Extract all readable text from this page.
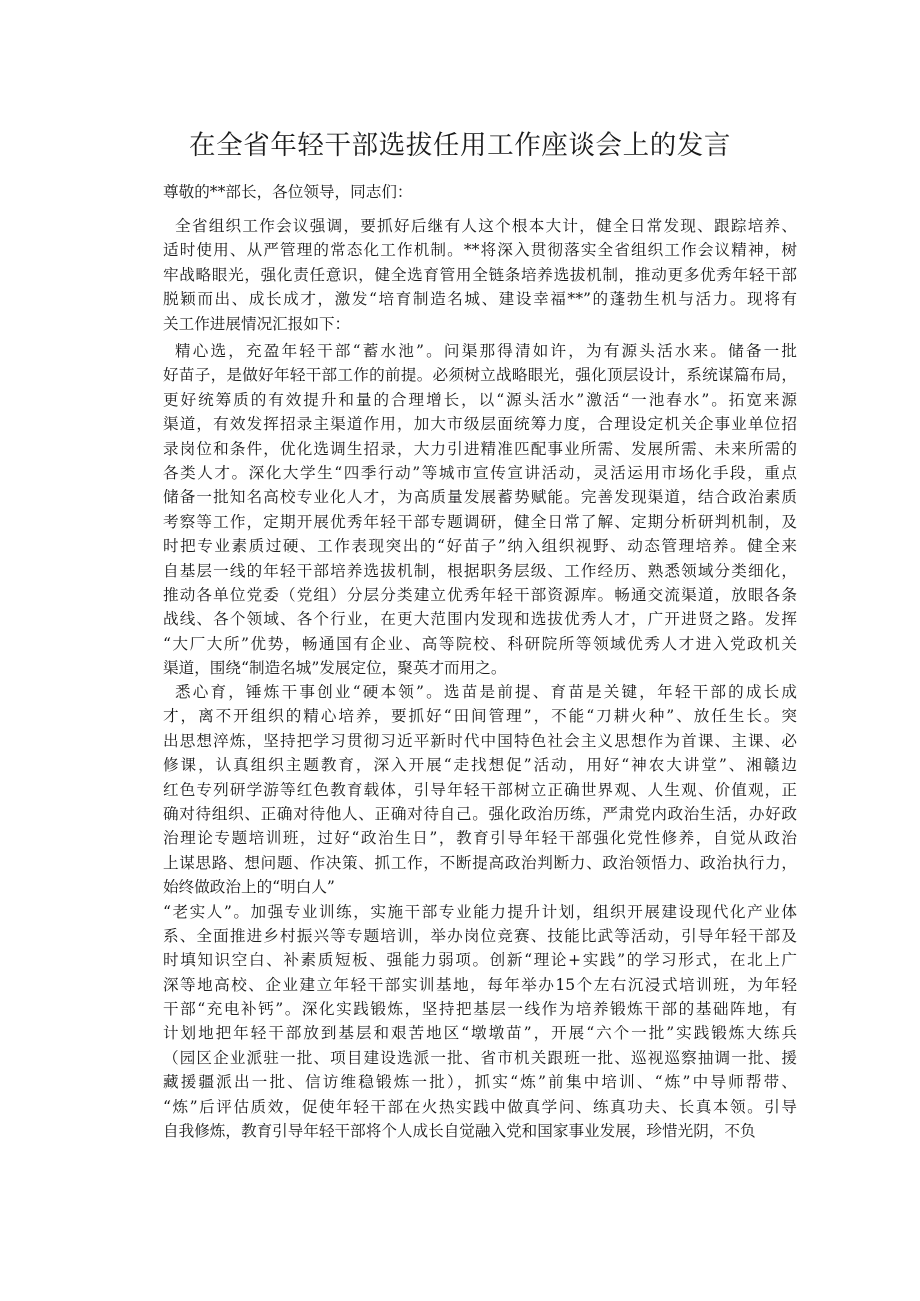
在全省年轻干部选拔任用工作座谈会上的发言

尊敬的**部长，各位领导，同志们：

全省组织工作会议强调，要抓好后继有人这个根本大计，健全日常发现、跟踪培养、
适时使用、从严管理的常态化工作机制。**将深入贯彻落实全省组织工作会议精神，树
牢战略眼光，强化责任意识，健全选育管用全链条培养选拔机制，推动更多优秀年轻干部
脱颖而出、成长成才，激发“培育制造名城、建设幸福**”的蓬勃生机与活力。现将有
关工作进展情况汇报如下：
精心选，充盈年轻干部“蓄水池”。问渠那得清如许，为有源头活水来。储备一批
好苗子，是做好年轻干部工作的前提。必须树立战略眼光，强化顶层设计，系统谋篇布局，
更好统筹质的有效提升和量的合理增长，以“源头活水”激活“一池春水”。拓宽来源
渠道，有效发挥招录主渠道作用，加大市级层面统筹力度，合理设定机关企事业单位招
录岗位和条件，优化选调生招录，大力引进精准匹配事业所需、发展所需、未来所需的
各类人才。深化大学生“四季行动”等城市宣传宣讲活动，灵活运用市场化手段，重点
储备一批知名高校专业化人才，为高质量发展蓄势赋能。完善发现渠道，结合政治素质
考察等工作，定期开展优秀年轻干部专题调研，健全日常了解、定期分析研判机制，及
时把专业素质过硬、工作表现突出的“好苗子”纳入组织视野、动态管理培养。健全来
自基层一线的年轻干部培养选拔机制，根据职务层级、工作经历、熟悉领域分类细化，
推动各单位党委（党组）分层分类建立优秀年轻干部资源库。畅通交流渠道，放眼各条
战线、各个领域、各个行业，在更大范围内发现和选拔优秀人才，广开进贤之路。发挥
“大厂大所”优势，畅通国有企业、高等院校、科研院所等领域优秀人才进入党政机关
渠道，围绕“制造名城”发展定位，聚英才而用之。
悉心育，锤炼干事创业“硬本领”。选苗是前提、育苗是关键，年轻干部的成长成
才，离不开组织的精心培养，要抓好“田间管理”，不能“刀耕火种”、放任生长。突
出思想淬炼，坚持把学习贯彻习近平新时代中国特色社会主义思想作为首课、主课、必
修课，认真组织主题教育，深入开展“走找想促”活动，用好“神农大讲堂”、湘赣边
红色专列研学游等红色教育载体，引导年轻干部树立正确世界观、人生观、价值观，正
确对待组织、正确对待他人、正确对待自己。强化政治历练，严肃党内政治生活，办好政
治理论专题培训班，过好“政治生日”，教育引导年轻干部强化党性修养，自觉从政治
上谋思路、想问题、作决策、抓工作，不断提高政治判断力、政治领悟力、政治执行力，
始终做政治上的“明白人”
“老实人”。加强专业训练，实施干部专业能力提升计划，组织开展建设现代化产业体
系、全面推进乡村振兴等专题培训，举办岗位竞赛、技能比武等活动，引导年轻干部及
时填知识空白、补素质短板、强能力弱项。创新“理论+实践”的学习形式，在北上广
深等地高校、企业建立年轻干部实训基地，每年举办15个左右沉浸式培训班，为年轻
干部“充电补钙”。深化实践锻炼，坚持把基层一线作为培养锻炼干部的基础阵地，有
计划地把年轻干部放到基层和艰苦地区“墩墩苗”，开展“六个一批”实践锻炼大练兵
（园区企业派驻一批、项目建设选派一批、省市机关跟班一批、巡视巡察抽调一批、援
藏援疆派出一批、信访维稳锻炼一批），抓实“炼”前集中培训、“炼”中导师帮带、
“炼”后评估质效，促使年轻干部在火热实践中做真学问、练真功夫、长真本领。引导
自我修炼，教育引导年轻干部将个人成长自觉融入党和国家事业发展，珍惜光阴，不负
